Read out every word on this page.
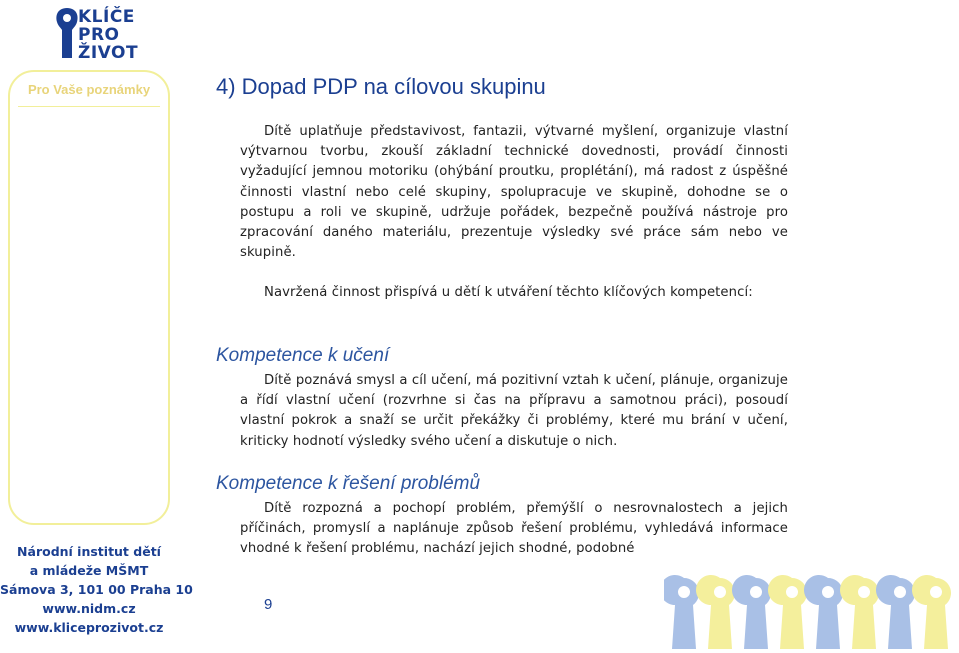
KLÍČE
PRO
ŽIVOT
Pro Vaše poznámky
Národní institut dětí
a mládeže MŠMT
Sámova 3, 101 00 Praha 10
www.nidm.cz
www.kliceprozivot.cz
4) Dopad PDP na cílovou skupinu
Dítě uplatňuje představivost, fantazii, výtvarné myšlení, organizuje vlastní výtvarnou tvorbu, zkouší základní technické dovednosti, provádí činnosti vyžadující jemnou motoriku (ohýbání proutku, proplétání), má radost z úspěšné činnosti vlastní nebo celé skupiny, spolupracuje ve skupině, dohodne se o postupu a roli ve skupině, udržuje pořádek, bezpečně používá nástroje pro zpracování daného materiálu, prezentuje výsledky své práce sám nebo ve skupině.
Navržená činnost přispívá u dětí k utváření těchto klíčových kompetencí:
Kompetence k učení
Dítě poznává smysl a cíl učení, má pozitivní vztah k učení, plánuje, organizuje a řídí vlastní učení (rozvrhne si čas na přípravu a samotnou práci), posoudí vlastní pokrok a snaží se určit překážky či problémy, které mu brání v učení, kriticky hodnotí výsledky svého učení a diskutuje o nich.
Kompetence k řešení problémů
Dítě rozpozná a pochopí problém, přemýšlí o nesrovnalostech a jejich příčinách, promyslí a naplánuje způsob řešení problému, vyhledává informace vhodné k řešení problému, nachází jejich shodné, podobné
9
